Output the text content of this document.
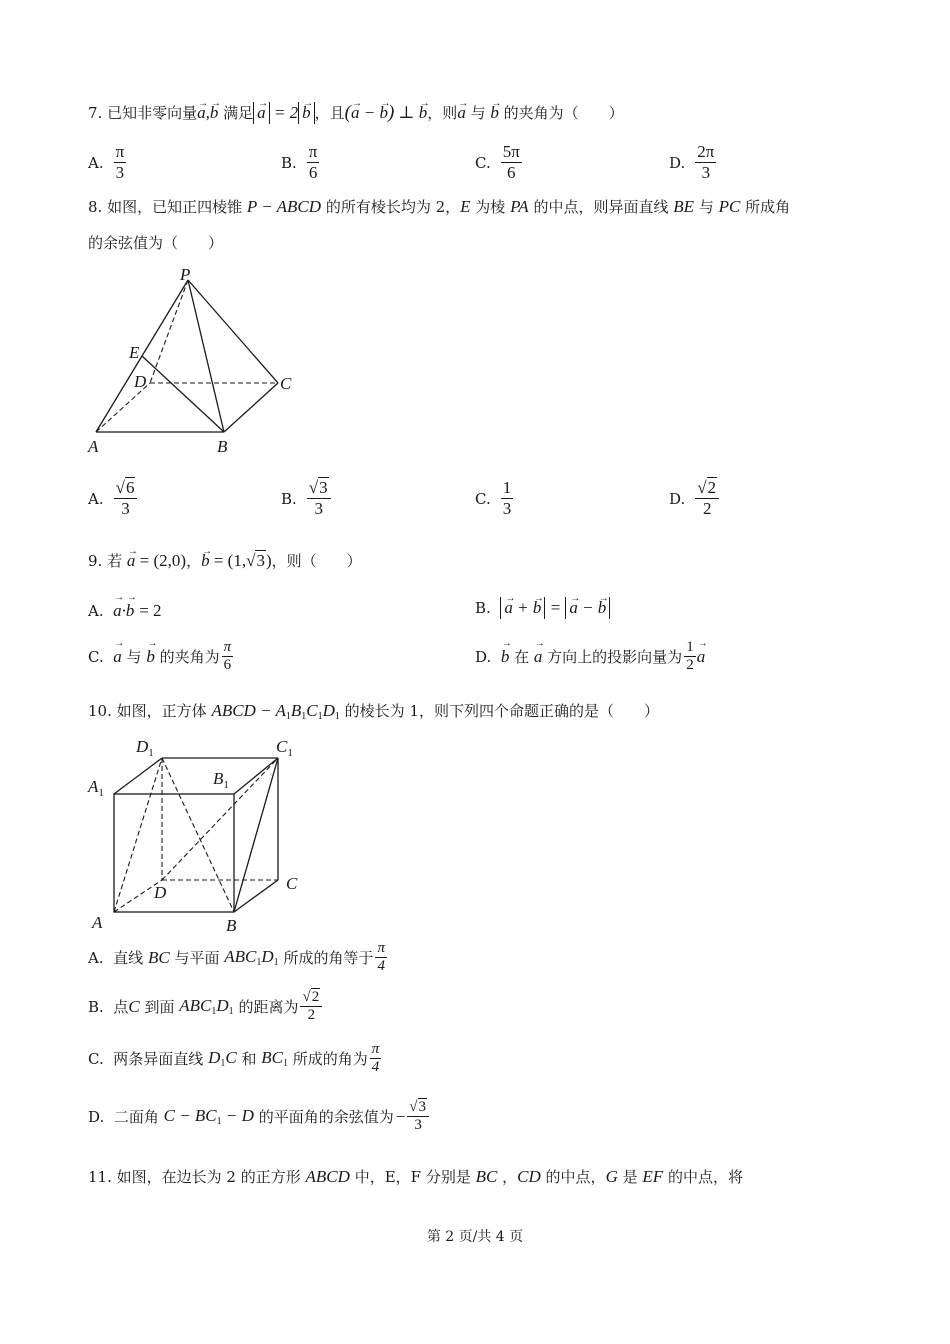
7. 已知非零向量→ a,→ b 满足→ a = 2→ b ，且(→ a − → b) ⊥ → b，则→ a 与 → b 的夹角为（　　）
A. $\frac{\pi}{3}$	B. $\frac{\pi}{6}$	C. $\frac{5\pi}{6}$	D. $\frac{2\pi}{3}$
8. 如图，已知正四棱锥 P − ABCD 的所有棱长均为 2，E 为棱 PA 的中点，则异面直线 BE 与 PC 所成角
的余弦值为（　　）
P
E
D	C
A	B
A. $\frac{√6}{3}$	B. $\frac{√3}{3}$	C. $\frac{1}{3}$	D. $\frac{√2}{2}$
9. 若 → a = (2,0)，→ b = (1,√3)，则（　　）
A.

→ a·→ b
= 2	B.

→ a + → b = → a − → b
C.

→ a
与

→ b
的夹角为 $\frac{\pi}{6}$	D.

→ b
在

→ a
方向上的投影向量为 $\frac{1}{2}$
→ a
10. 如图，正方体 ABCD − $A_1B_1C_1D_1$ 的棱长为 1，则下列四个命题正确的是（　　）
$D_1$	$C_1$
$A_1$
$B_1$
D	C
A	B
A.
直线
BC
与平面
$ABC_1D_1$
所成的角等于 $\frac{\pi}{4}$
B.
点 C
到面
$ABC_1D_1$
的距离为 $\frac{√2}{2}$
C.
两条异面直线
$D_1C$
和
$BC_1$
所成的角为 $\frac{\pi}{4}$
D.
二面角
$C - BC_1 - D$
的平面角的余弦值为 − $\frac{√3}{3}$
11. 如图，在边长为 2 的正方形 ABCD 中，E，F 分别是 BC ，CD 的中点，G 是 EF 的中点，将
第 2 页/共 4 页
